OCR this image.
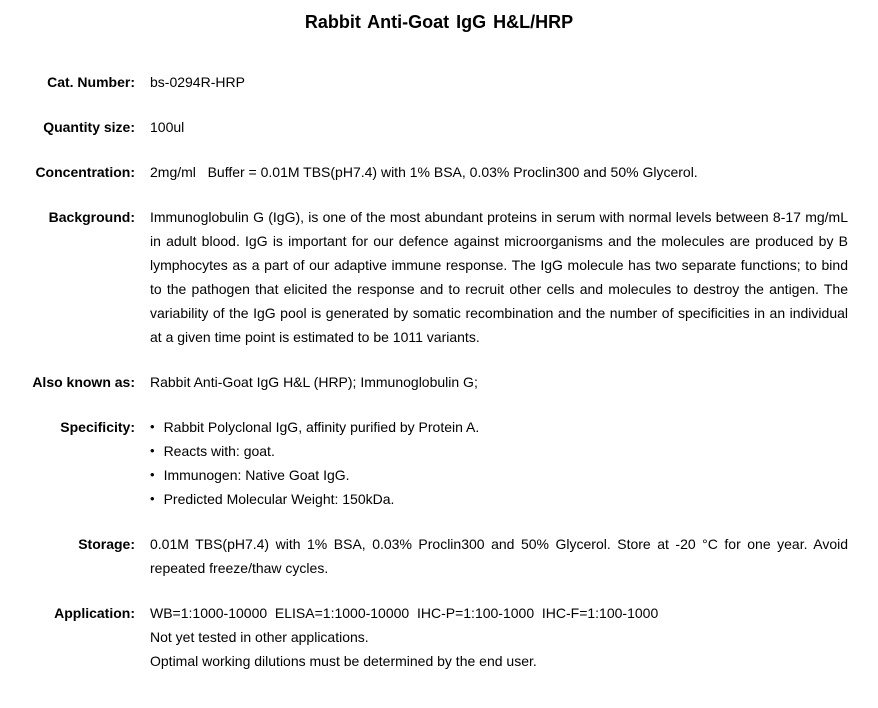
Rabbit Anti-Goat IgG H&L/HRP
Cat. Number: bs-0294R-HRP
Quantity size: 100ul
Concentration: 2mg/ml   Buffer = 0.01M TBS(pH7.4) with 1% BSA, 0.03% Proclin300 and 50% Glycerol.
Background: Immunoglobulin G (IgG), is one of the most abundant proteins in serum with normal levels between 8-17 mg/mL in adult blood. IgG is important for our defence against microorganisms and the molecules are produced by B lymphocytes as a part of our adaptive immune response. The IgG molecule has two separate functions; to bind to the pathogen that elicited the response and to recruit other cells and molecules to destroy the antigen. The variability of the IgG pool is generated by somatic recombination and the number of specificities in an individual at a given time point is estimated to be 1011 variants.
Also known as: Rabbit Anti-Goat IgG H&L (HRP); Immunoglobulin G;
Specificity: • Rabbit Polyclonal IgG, affinity purified by Protein A.
• Reacts with: goat.
• Immunogen: Native Goat IgG.
• Predicted Molecular Weight: 150kDa.
Storage: 0.01M TBS(pH7.4) with 1% BSA, 0.03% Proclin300 and 50% Glycerol. Store at -20 °C for one year. Avoid repeated freeze/thaw cycles.
Application: WB=1:1000-10000  ELISA=1:1000-10000  IHC-P=1:100-1000  IHC-F=1:100-1000
Not yet tested in other applications.
Optimal working dilutions must be determined by the end user.
